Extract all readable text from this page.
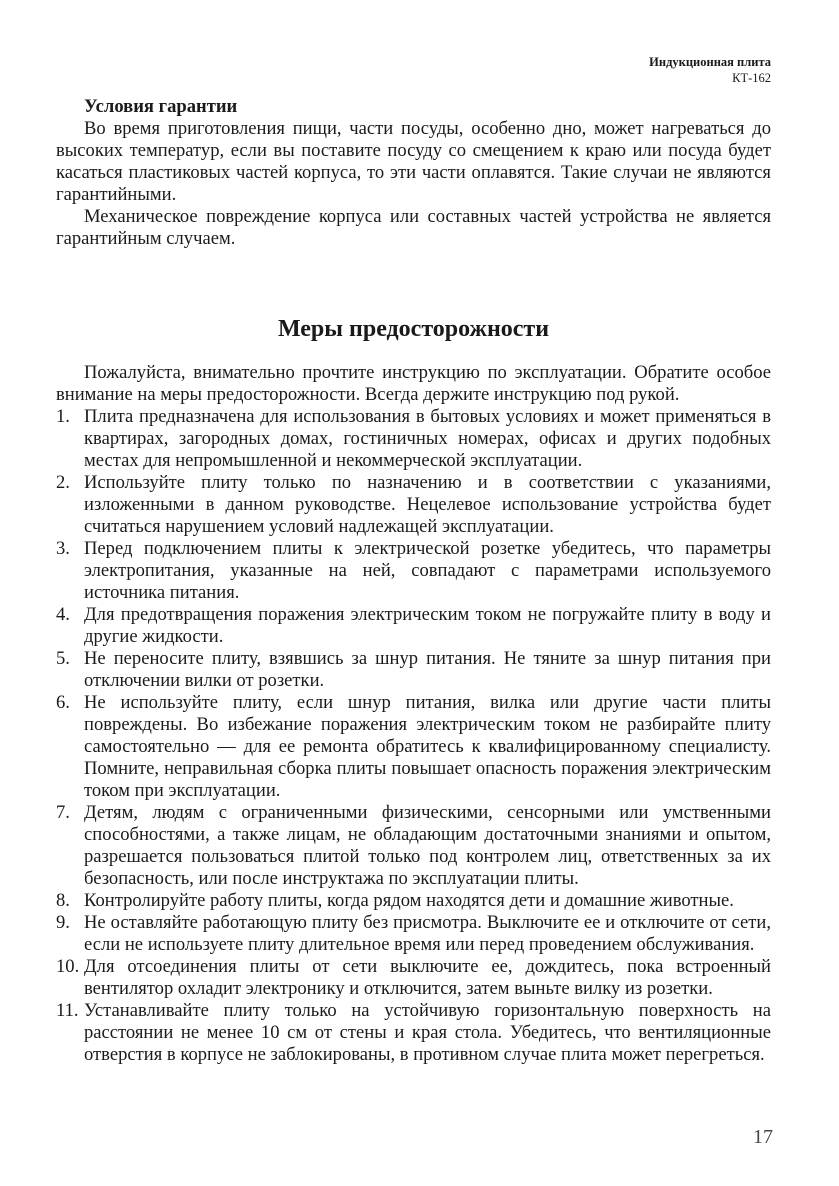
Индукционная плита
КТ-162
Условия гарантии

Во время приготовления пищи, части посуды, особенно дно, может нагреваться до высоких температур, если вы поставите посуду со смещением к краю или посуда будет касаться пластиковых частей корпуса, то эти части оплавятся. Такие случаи не являются гарантийными.

Механическое повреждение корпуса или составных частей устройства не является гарантийным случаем.

Меры предосторожности

Пожалуйста, внимательно прочтите инструкцию по эксплуатации. Обратите особое внимание на меры предосторожности. Всегда держите инструкцию под рукой.

1. Плита предназначена для использования в бытовых условиях и может применяться в квартирах, загородных домах, гостиничных номерах, офисах и других подобных местах для непромышленной и некоммерческой эксплуатации.
2. Используйте плиту только по назначению и в соответствии с указаниями, изложенными в данном руководстве. Нецелевое использование устройства будет считаться нарушением условий надлежащей эксплуатации.
3. Перед подключением плиты к электрической розетке убедитесь, что параметры электропитания, указанные на ней, совпадают с параметрами используемого источника питания.
4. Для предотвращения поражения электрическим током не погружайте плиту в воду и другие жидкости.
5. Не переносите плиту, взявшись за шнур питания. Не тяните за шнур питания при отключении вилки от розетки.
6. Не используйте плиту, если шнур питания, вилка или другие части плиты повреждены. Во избежание поражения электрическим током не разбирайте плиту самостоятельно — для ее ремонта обратитесь к квалифицированному специалисту. Помните, неправильная сборка плиты повышает опасность поражения электрическим током при эксплуатации.
7. Детям, людям с ограниченными физическими, сенсорными или умственными способностями, а также лицам, не обладающим достаточными знаниями и опытом, разрешается пользоваться плитой только под контролем лиц, ответственных за их безопасность, или после инструктажа по эксплуатации плиты.
8. Контролируйте работу плиты, когда рядом находятся дети и домашние животные.
9. Не оставляйте работающую плиту без присмотра. Выключите ее и отключите от сети, если не используете плиту длительное время или перед проведением обслуживания.
10. Для отсоединения плиты от сети выключите ее, дождитесь, пока встроенный вентилятор охладит электронику и отключится, затем выньте вилку из розетки.
11. Устанавливайте плиту только на устойчивую горизонтальную поверхность на расстоянии не менее 10 см от стены и края стола. Убедитесь, что вентиляционные отверстия в корпусе не заблокированы, в противном случае плита может перегреться.
17
